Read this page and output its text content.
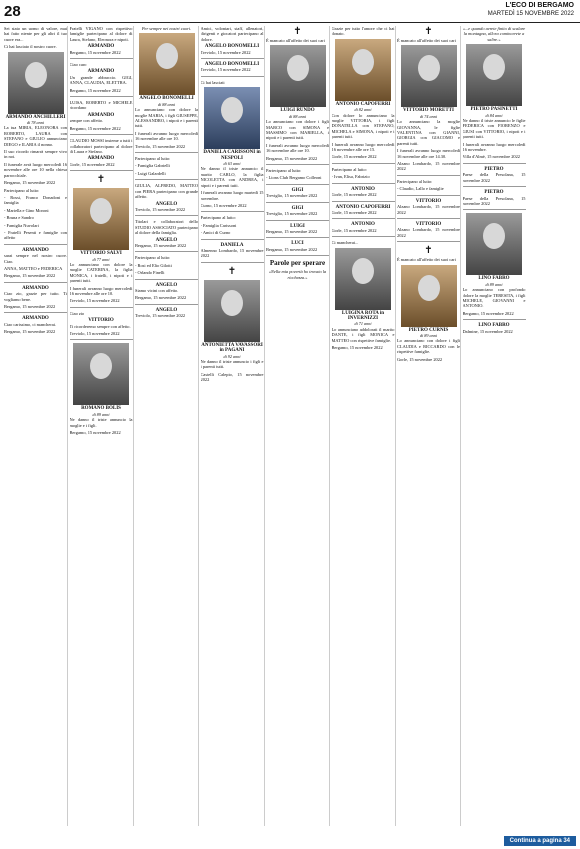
28	L'ECO DI BERGAMO
MARTEDÌ 15 NOVEMBRE 2022
Sei stato un uomo di valore, mai hai fatto niente per gli altri il tuo cuore era...
Ci hai lasciato il nostro cuore.
ARMANDO ANCHILLERI
di 78 anni
La tua MIRIA, ELEONORA con ROBERTO, LAURA con STEFANO e GIULIO annunciano DIEGO e ILARIA il nonno.
Il suo ricordo rimarrà sempre vivo in noi.
Il funerale avrà luogo mercoledì 16 novembre alle ore 10 nella chiesa parrocchiale.
Bergamo, 15 novembre 2022
Partecipano al lutto:
- Rossi, Franco Donadoni e famiglia
- Mariella e Gino Moroni
- Bruna e Sandro
- Famiglia Nuvolari
- Fratelli Pesenti e famiglie con affetto
ARMANDO
sarai sempre nel nostro cuore. Ciao.
ANNA, MATTEO e FEDERICA
Bergamo, 15 novembre 2022
ARMANDO
Ciao zio, grazie per tutto. Ti vogliamo bene.
Bergamo, 15 novembre 2022
ARMANDO
Ciao carissimo, ci mancherai.
Bergamo, 15 novembre 2022
Fratelli VIGANO con rispettivo famiglie partecipano al dolore di Laura, Stefano, Eleonora e nipoti.
ARMANDO
Bergamo, 15 novembre 2022
Ciao caro
ARMANDO
Un grande abbraccio. GIGI, ANNA, CLAUDIA, ELETTRA.
Bergamo, 15 novembre 2022
LUISA, ROBERTO e MICHELE ricordano
ARMANDO
sempre con affetto.
Bergamo, 15 novembre 2022
CLAUDIO MOSSI insieme a tutti i collaboratori partecipano al dolore di Laura e Stefano.
ARMANDO
Gorle, 15 novembre 2022
✝
VITTORIO SALVI
di 77 anni
Lo annunciano con dolore la moglie CATERINA, la figlia MONICA, i fratelli, i nipoti e i parenti tutti.
I funerali avranno luogo mercoledì 16 novembre alle ore 10.
Treviolo, 15 novembre 2022
Ciao zio
VITTORIO
Ti ricorderemo sempre con affetto.
Treviolo, 15 novembre 2022
ROMANO BOLIS
di 89 anni
Ne danno il triste annuncio la moglie e i figli.
Bergamo, 15 novembre 2022
Per sempre nei nostri cuori.
ANGELO BONOMELLI
di 88 anni
Lo annunciano con dolore la moglie MARIA, i figli GIUSEPPE, ALESSANDRO, i nipoti e i parenti tutti.
I funerali avranno luogo mercoledì 16 novembre alle ore 10.
Treviolo, 15 novembre 2022
Partecipano al lutto:
- Famiglia Gabrielli
- Luigi Galardelli
GIULIA, ALFREDO, MATTEO con PIERA partecipano con grande affetto.
ANGELO
Treviolo, 15 novembre 2022
Titolari e collaboratori dello STUDIO ASSOCIATO partecipano al dolore della famiglia.
ANGELO
Bergamo, 15 novembre 2022
Partecipano al lutto:
- Rosi ed Elio Gilotti
- Orlando Finelli
ANGELO
Siamo vicini con affetto.
Bergamo, 15 novembre 2022
ANGELO
Treviolo, 15 novembre 2022
Amici, volontari, staff, allenatori, dirigenti e giocatori partecipano al dolore.
ANGELO BONOMELLI
Treviolo, 15 novembre 2022
ANGELO BONOMELLI
Treviolo, 15 novembre 2022
Ci hai lasciati
DANIELA CARISSONI in NESPOLI
di 63 anni
Ne danno il triste annuncio il marito CARLO, la figlia NICOLETTA con ANDREA, i nipoti e i parenti tutti.
I funerali avranno luogo martedì 15 novembre.
Curno, 15 novembre 2022
Partecipano al lutto:
- Famiglia Carissoni
- Amici di Curno
DANIELA
Almenno Lombardo, 15 novembre 2022
✝
ANTONIETTA VAVASSORI in PAGANI
di 92 anni
Ne danno il triste annuncio i figli e i parenti tutti.
Castelli Calepio, 15 novembre 2022
✝
È mancato all'affetto dei suoi cari
LUIGI RUNDO
di 88 anni
Lo annunciano con dolore i figli MARCO con SIMONA e MASSIMO con MARIELLA, i nipoti e i parenti tutti.
I funerali avranno luogo mercoledì 16 novembre alle ore 10.
Bergamo, 15 novembre 2022
Partecipano al lutto:
- Lions Club Bergamo Colleoni
GIGI
Treviglio, 15 novembre 2022
GIGI
Treviglio, 15 novembre 2022
LUIGI
Bergamo, 15 novembre 2022
LUCI
Bergamo, 15 novembre 2022
Parole per sperare
«Nella mia povertà ho trovato la ricchezza.»
Grazie per tutto l'amore che ci hai donato.
ANTONIO CAPOFERRI
di 82 anni
Con dolore lo annunciano la moglie VITTORIA, i figli DONATELLA con STEFANO, MICHELA e SIMONA, i nipoti e i parenti tutti.
I funerali avranno luogo mercoledì 16 novembre alle ore 15.
Gorle, 15 novembre 2022
Partecipano al lutto:
- Ivan, Elisa, Fabrizio
ANTONIO
Gorle, 15 novembre 2022
ANTONIO CAPOFERRI
Gorle, 15 novembre 2022
ANTONIO
Gorle, 15 novembre 2022
Ci mancherai...
LUIGINA ROTA in INVERNIZZI
di 71 anni
Lo annunciano addolorati il marito DANTE, i figli MONICA e MATTEO con rispettive famiglie.
Bergamo, 15 novembre 2022
✝
È mancato all'affetto dei suoi cari
VITTORIO MORETTI
di 74 anni
Lo annunciano la moglie GIOVANNA, le figlie VALENTINA con GIANNI, GIORGIA con GIACOMO e parenti tutti.
I funerali avranno luogo mercoledì 16 novembre alle ore 14.30.
Alzano Lombardo, 15 novembre 2022
Partecipano al lutto:
- Claudio, Lallo e famiglie
VITTORIO
Alzano Lombardo, 15 novembre 2022
VITTORIO
Alzano Lombardo, 15 novembre 2022
✝
È mancato all'affetto dei suoi cari
PIETRO CURNIS
di 89 anni
Lo annunciano con dolore i figli CLAUDIA e RICCARDO con le rispettive famiglie.
Gorle, 15 novembre 2022
«...e quando avrete finito di scalare la montagna, allora comincerete a salire.»
PIETRO PASINETTI
di 84 anni
Ne danno il triste annuncio le figlie FEDERICA con FIORENZO e GIUSI con VITTORIO, i nipoti e i parenti tutti.
I funerali avranno luogo mercoledì 16 novembre.
Villa d'Almè, 15 novembre 2022
PIETRO
Paese della Presolana, 15 novembre 2022
PIETRO
Paese della Presolana, 15 novembre 2022
LINO FABRO
di 89 anni
Lo annunciano con profondo dolore la moglie TERESITA, i figli MICHELE, GIOVANNI e ANTONIO.
Bergamo, 15 novembre 2022
LINO FABRO
Dalmine, 15 novembre 2022
Continua a pagina 34
